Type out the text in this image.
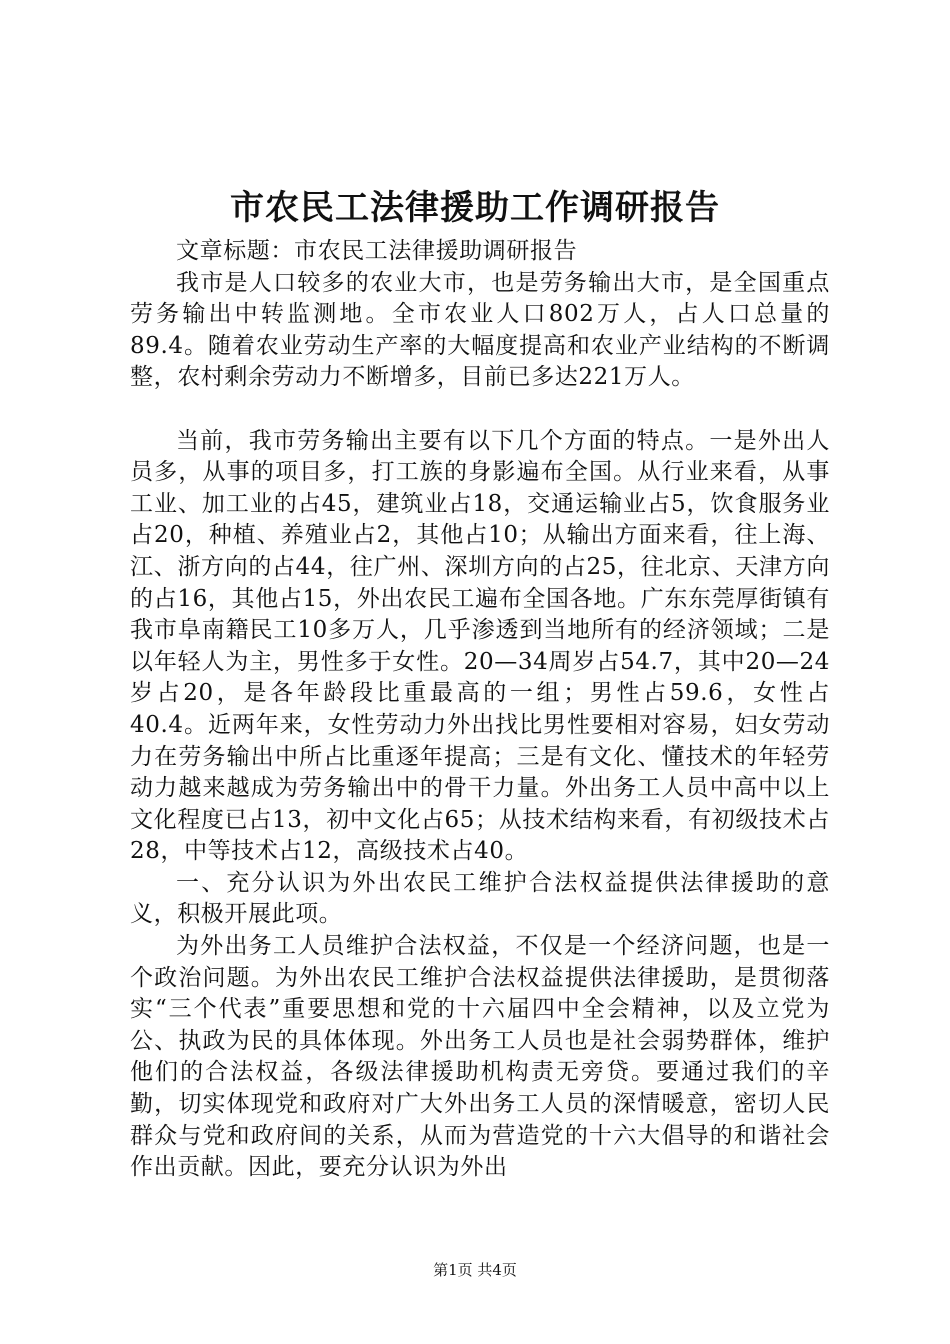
市农民工法律援助工作调研报告

文章标题：市农民工法律援助调研报告

我市是人口较多的农业大市，也是劳务输出大市，是全国重点劳务输出中转监测地。全市农业人口802万人，占人口总量的89.4。随着农业劳动生产率的大幅度提高和农业产业结构的不断调整，农村剩余劳动力不断增多，目前已多达221万人。

当前，我市劳务输出主要有以下几个方面的特点。一是外出人员多，从事的项目多，打工族的身影遍布全国。从行业来看，从事工业、加工业的占45，建筑业占18，交通运输业占5，饮食服务业占20，种植、养殖业占2，其他占10；从输出方面来看，往上海、江、浙方向的占44，往广州、深圳方向的占25，往北京、天津方向的占16，其他占15，外出农民工遍布全国各地。广东东莞厚街镇有我市阜南籍民工10多万人，几乎渗透到当地所有的经济领域；二是以年轻人为主，男性多于女性。20—34周岁占54.7，其中20—24岁占20，是各年龄段比重最高的一组；男性占59.6，女性占40.4。近两年来，女性劳动力外出找比男性要相对容易，妇女劳动力在劳务输出中所占比重逐年提高；三是有文化、懂技术的年轻劳动力越来越成为劳务输出中的骨干力量。外出务工人员中高中以上文化程度已占13，初中文化占65；从技术结构来看，有初级技术占28，中等技术占12，高级技术占40。

一、充分认识为外出农民工维护合法权益提供法律援助的意义，积极开展此项。

为外出务工人员维护合法权益，不仅是一个经济问题，也是一个政治问题。为外出农民工维护合法权益提供法律援助，是贯彻落实“三个代表”重要思想和党的十六届四中全会精神，以及立党为公、执政为民的具体体现。外出务工人员也是社会弱势群体，维护他们的合法权益，各级法律援助机构责无旁贷。要通过我们的辛勤，切实体现党和政府对广大外出务工人员的深情暖意，密切人民群众与党和政府间的关系，从而为营造党的十六大倡导的和谐社会作出贡献。因此，要充分认识为外出

第1页 共4页
